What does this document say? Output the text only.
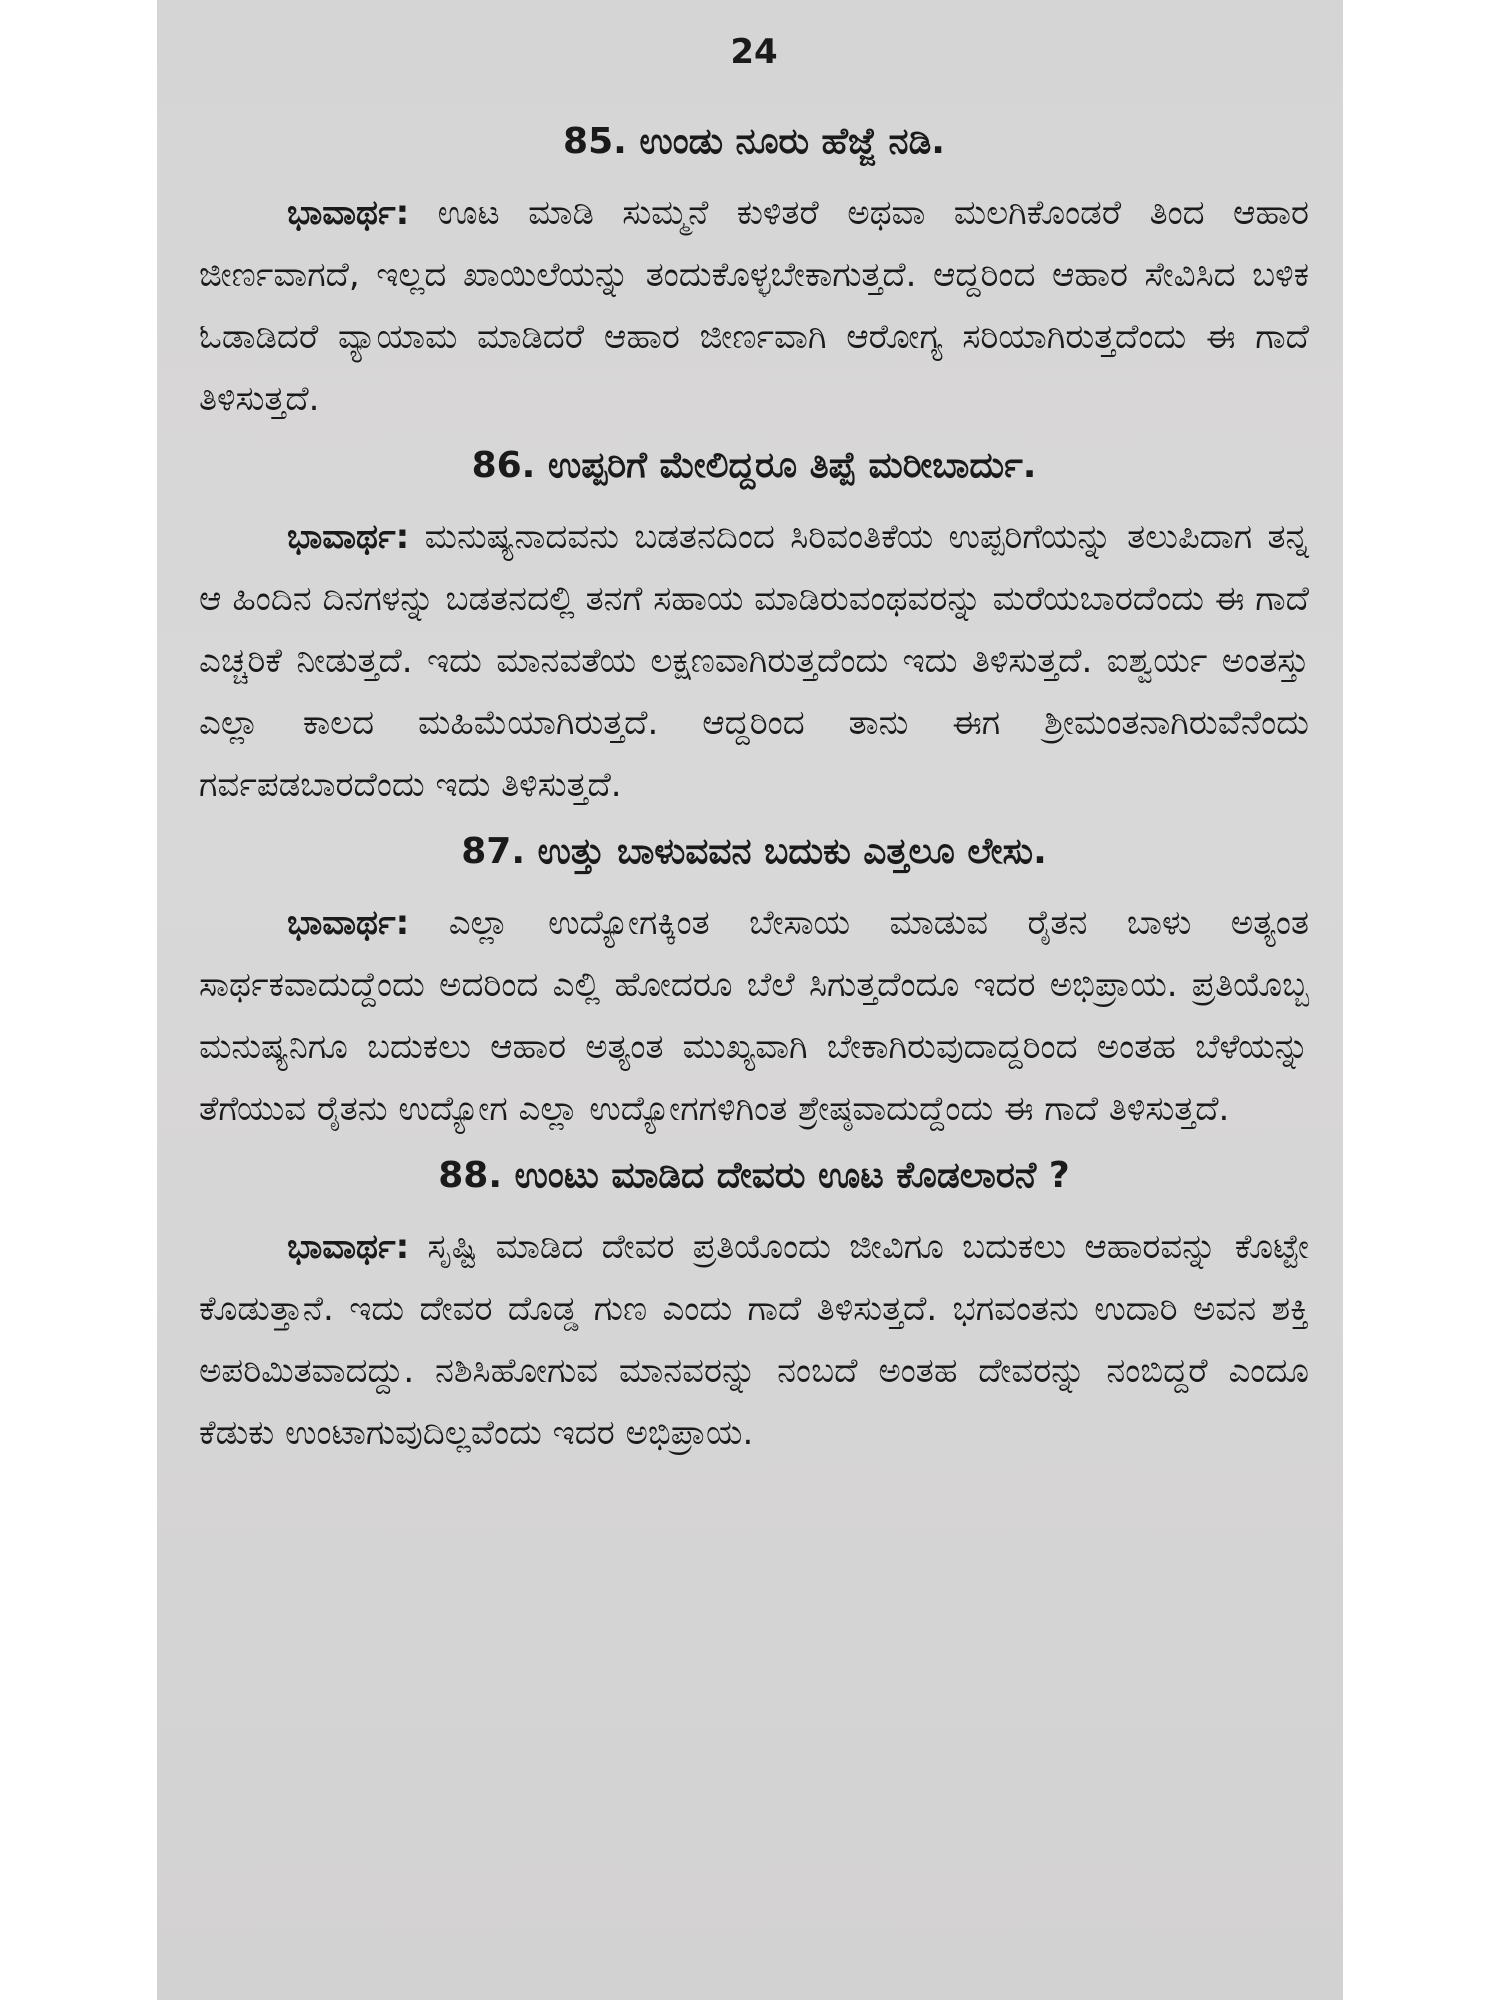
24
85. ಉಂಡು ನೂರು ಹೆಜ್ಜೆ ನಡಿ.

ಭಾವಾರ್ಥ: ಊಟ ಮಾಡಿ ಸುಮ್ಮನೆ ಕುಳಿತರೆ ಅಥವಾ ಮಲಗಿಕೊಂಡರೆ ತಿಂದ ಆಹಾರ ಜೀರ್ಣವಾಗದೆ, ಇಲ್ಲದ ಖಾಯಿಲೆಯನ್ನು ತಂದುಕೊಳ್ಳಬೇಕಾಗುತ್ತದೆ. ಆದ್ದರಿಂದ ಆಹಾರ ಸೇವಿಸಿದ ಬಳಿಕ ಓಡಾಡಿದರೆ ವ್ಯಾಯಾಮ ಮಾಡಿದರೆ ಆಹಾರ ಜೀರ್ಣವಾಗಿ ಆರೋಗ್ಯ ಸರಿಯಾಗಿರುತ್ತದೆಂದು ಈ ಗಾದೆ ತಿಳಿಸುತ್ತದೆ.

86. ಉಪ್ಪರಿಗೆ ಮೇಲಿದ್ದರೂ ತಿಪ್ಪೆ ಮರೀಬಾರ್ದು.

ಭಾವಾರ್ಥ: ಮನುಷ್ಯನಾದವನು ಬಡತನದಿಂದ ಸಿರಿವಂತಿಕೆಯ ಉಪ್ಪರಿಗೆಯನ್ನು ತಲುಪಿದಾಗ ತನ್ನ ಆ ಹಿಂದಿನ ದಿನಗಳನ್ನು ಬಡತನದಲ್ಲಿ ತನಗೆ ಸಹಾಯ ಮಾಡಿರುವಂಥವರನ್ನು ಮರೆಯಬಾರದೆಂದು ಈ ಗಾದೆ ಎಚ್ಚರಿಕೆ ನೀಡುತ್ತದೆ. ಇದು ಮಾನವತೆಯ ಲಕ್ಷಣವಾಗಿರುತ್ತದೆಂದು ಇದು ತಿಳಿಸುತ್ತದೆ. ಐಶ್ವರ್ಯ ಅಂತಸ್ತು ಎಲ್ಲಾ ಕಾಲದ ಮಹಿಮೆಯಾಗಿರುತ್ತದೆ. ಆದ್ದರಿಂದ ತಾನು ಈಗ ಶ್ರೀಮಂತನಾಗಿರುವೆನೆಂದು ಗರ್ವಪಡಬಾರದೆಂದು ಇದು ತಿಳಿಸುತ್ತದೆ.

87. ಉತ್ತು ಬಾಳುವವನ ಬದುಕು ಎತ್ತಲೂ ಲೇಸು.

ಭಾವಾರ್ಥ: ಎಲ್ಲಾ ಉದ್ಯೋಗಕ್ಕಿಂತ ಬೇಸಾಯ ಮಾಡುವ ರೈತನ ಬಾಳು ಅತ್ಯಂತ ಸಾರ್ಥಕವಾದುದ್ದೆಂದು ಅದರಿಂದ ಎಲ್ಲಿ ಹೋದರೂ ಬೆಲೆ ಸಿಗುತ್ತದೆಂದೂ ಇದರ ಅಭಿಪ್ರಾಯ. ಪ್ರತಿಯೊಬ್ಬ ಮನುಷ್ಯನಿಗೂ ಬದುಕಲು ಆಹಾರ ಅತ್ಯಂತ ಮುಖ್ಯವಾಗಿ ಬೇಕಾಗಿರುವುದಾದ್ದರಿಂದ ಅಂತಹ ಬೆಳೆಯನ್ನು ತೆಗೆಯುವ ರೈತನು ಉದ್ಯೋಗ ಎಲ್ಲಾ ಉದ್ಯೋಗಗಳಿಗಿಂತ ಶ್ರೇಷ್ಠವಾದುದ್ದೆಂದು ಈ ಗಾದೆ ತಿಳಿಸುತ್ತದೆ.

88. ಉಂಟು ಮಾಡಿದ ದೇವರು ಊಟ ಕೊಡಲಾರನೆ ?

ಭಾವಾರ್ಥ: ಸೃಷ್ಟಿ ಮಾಡಿದ ದೇವರ ಪ್ರತಿಯೊಂದು ಜೀವಿಗೂ ಬದುಕಲು ಆಹಾರವನ್ನು ಕೊಟ್ಟೇ ಕೊಡುತ್ತಾನೆ. ಇದು ದೇವರ ದೊಡ್ಡ ಗುಣ ಎಂದು ಗಾದೆ ತಿಳಿಸುತ್ತದೆ. ಭಗವಂತನು ಉದಾರಿ ಅವನ ಶಕ್ತಿ ಅಪರಿಮಿತವಾದದ್ದು. ನಶಿಸಿಹೋಗುವ ಮಾನವರನ್ನು ನಂಬದೆ ಅಂತಹ ದೇವರನ್ನು ನಂಬಿದ್ದರೆ ಎಂದೂ ಕೆಡುಕು ಉಂಟಾಗುವುದಿಲ್ಲವೆಂದು ಇದರ ಅಭಿಪ್ರಾಯ.
